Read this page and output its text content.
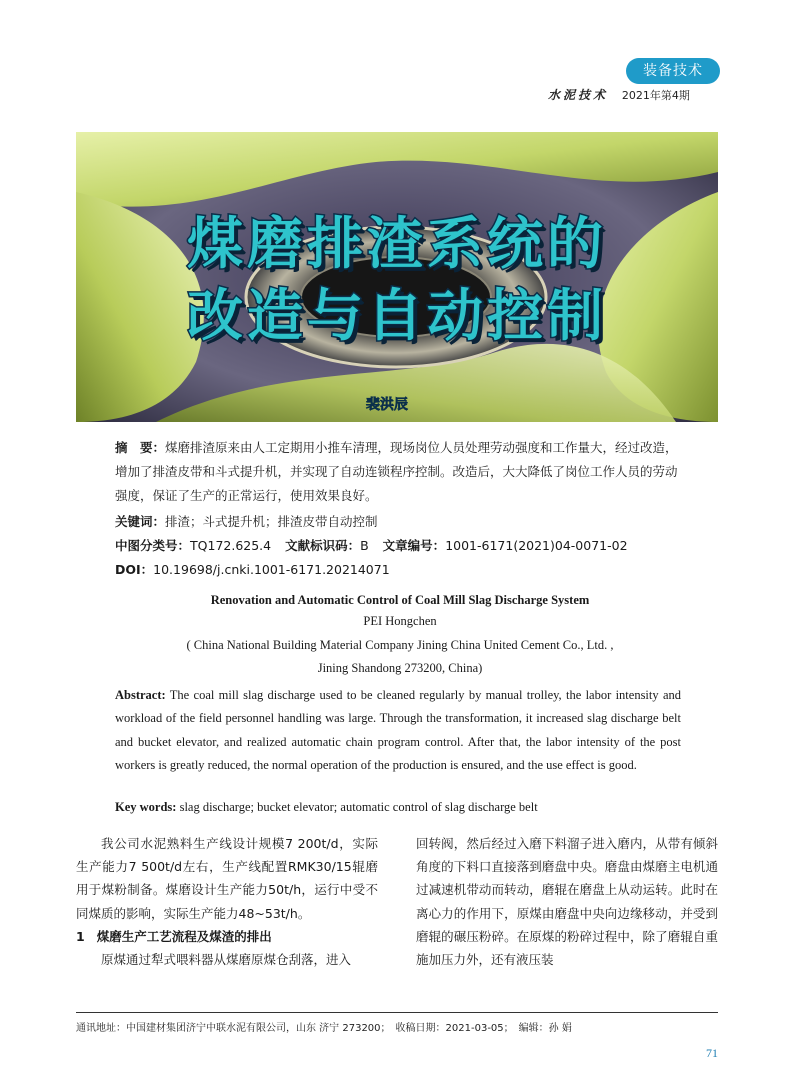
装备技术
水泥技术 2021年第4期
煤磨排渣系统的
改造与自动控制
裴洪辰
摘　要：煤磨排渣原来由人工定期用小推车清理，现场岗位人员处理劳动强度和工作量大，经过改造，增加了排渣皮带和斗式提升机，并实现了自动连锁程序控制。改造后，大大降低了岗位工作人员的劳动强度，保证了生产的正常运行，使用效果良好。
关键词：排渣；斗式提升机；排渣皮带自动控制
中图分类号：TQ172.625.4 文献标识码：B 文章编号：1001-6171(2021)04-0071-02
DOI：10.19698/j.cnki.1001-6171.20214071
Renovation and Automatic Control of Coal Mill Slag Discharge System
PEI Hongchen
( China National Building Material Company Jining China United Cement Co., Ltd. ,
Jining Shandong 273200, China)
Abstract: The coal mill slag discharge used to be cleaned regularly by manual trolley, the labor intensity and workload of the field personnel handling was large. Through the transformation, it increased slag discharge belt and bucket elevator, and realized automatic chain program control. After that, the labor intensity of the post workers is greatly reduced, the normal operation of the production is ensured, and the use effect is good.
Key words: slag discharge; bucket elevator; automatic control of slag discharge belt

我公司水泥熟料生产线设计规模7 200t/d，实际生产能力7 500t/d左右，生产线配置RMK30/15辊磨用于煤粉制备。煤磨设计生产能力50t/h，运行中受不同煤质的影响，实际生产能力48~53t/h。

1 煤磨生产工艺流程及煤渣的排出

原煤通过犁式喂料器从煤磨原煤仓刮落，进入

回转阀，然后经过入磨下料溜子进入磨内，从带有倾斜角度的下料口直接落到磨盘中央。磨盘由煤磨主电机通过减速机带动而转动，磨辊在磨盘上从动运转。此时在离心力的作用下，原煤由磨盘中央向边缘移动，并受到磨辊的碾压粉碎。在原煤的粉碎过程中，除了磨辊自重施加压力外，还有液压装

通讯地址：中国建材集团济宁中联水泥有限公司，山东 济宁 273200；　收稿日期：2021-03-05；　编辑：孙 娟
71
